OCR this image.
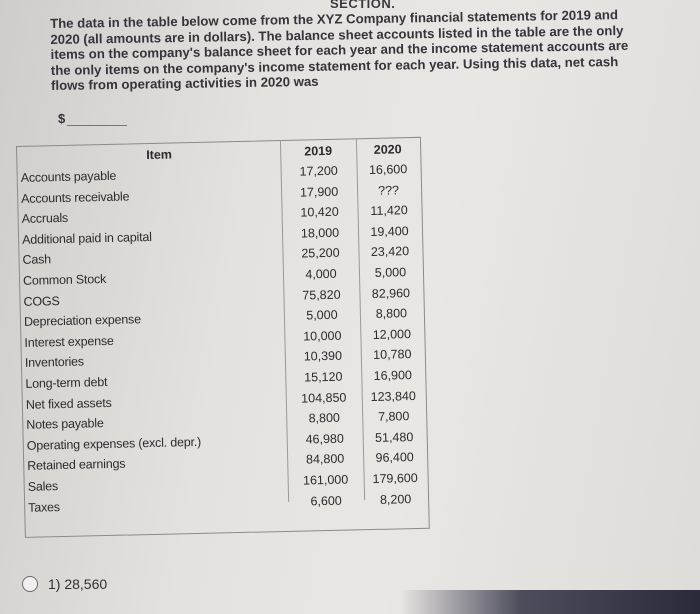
SECTION.
The data in the table below come from the XYZ Company financial statements for 2019 and 2020 (all amounts are in dollars). The balance sheet accounts listed in the table are the only items on the company's balance sheet for each year and the income statement accounts are the only items on the company's income statement for each year. Using this data, net cash flows from operating activities in 2020 was
$
Item	2019	2020
Accounts payable	17,200	16,600
Accounts receivable	17,900	???
Accruals	10,420	11,420
Additional paid in capital	18,000	19,400
Cash	25,200	23,420
Common Stock	4,000	5,000
COGS	75,820	82,960
Depreciation expense	5,000	8,800
Interest expense	10,000	12,000
Inventories	10,390	10,780
Long-term debt	15,120	16,900
Net fixed assets	104,850	123,840
Notes payable	8,800	7,800
Operating expenses (excl. depr.)	46,980	51,480
Retained earnings	84,800	96,400
Sales	161,000	179,600
Taxes	6,600	8,200
1) 28,560
